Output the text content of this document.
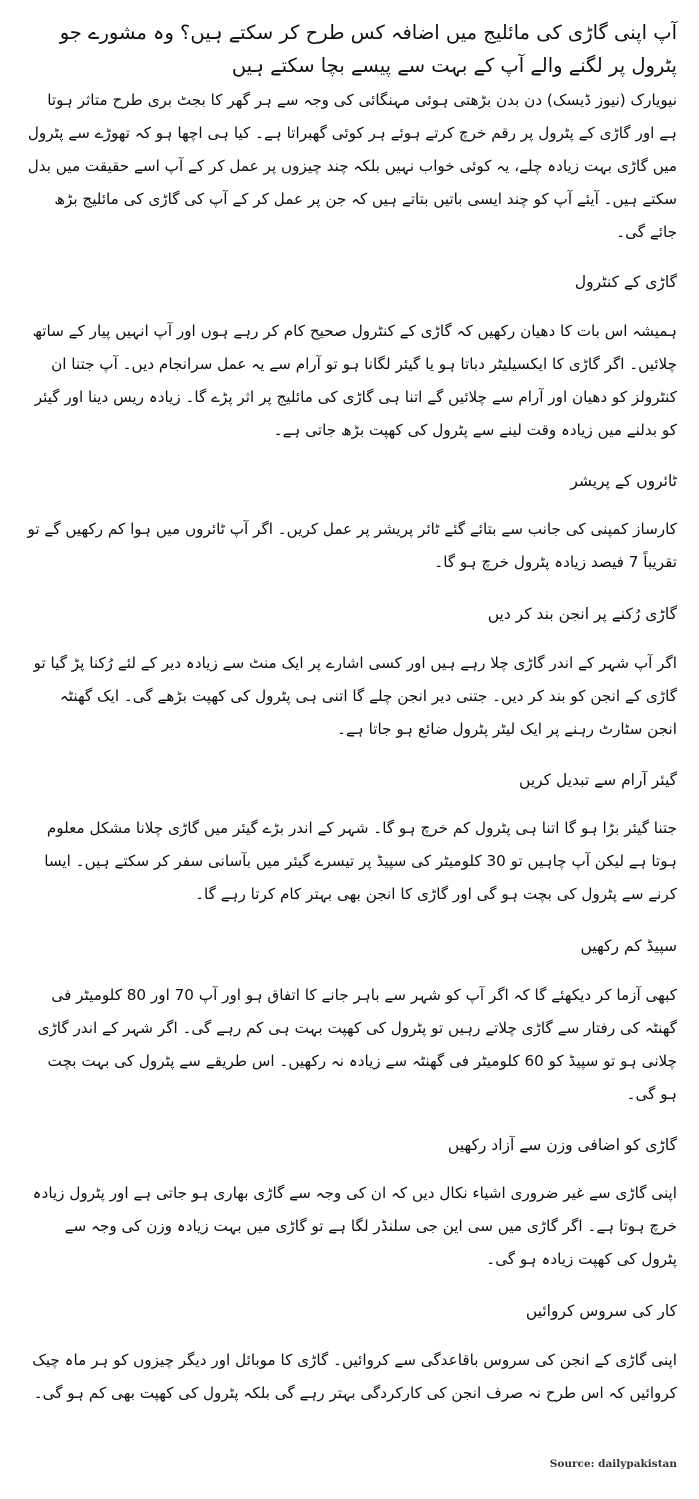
آپ اپنی گاڑی کی مائلیج میں اضافہ کس طرح کر سکتے ہیں؟ وہ مشورے جو پٹرول پر لگنے والے آپ کے بہت سے پیسے بچا سکتے ہیں

نیویارک (نیوز ڈیسک) دن بدن بڑھتی ہوئی مہنگائی کی وجہ سے ہر گھر کا بجٹ بری طرح متاثر ہوتا ہے اور گاڑی کے پٹرول پر رقم خرچ کرتے ہوئے ہر کوئی گھبراتا ہے۔ کیا ہی اچھا ہو کہ تھوڑے سے پٹرول میں گاڑی بہت زیادہ چلے، یہ کوئی خواب نہیں بلکہ چند چیزوں پر عمل کر کے آپ اسے حقیقت میں بدل سکتے ہیں۔ آیئے آپ کو چند ایسی باتیں بتاتے ہیں کہ جن پر عمل کر کے آپ کی گاڑی کی مائلیج بڑھ جائے گی۔

گاڑی کے کنٹرول

ہمیشہ اس بات کا دھیان رکھیں کہ گاڑی کے کنٹرول صحیح کام کر رہے ہوں اور آپ انہیں پیار کے ساتھ چلائیں۔ اگر گاڑی کا ایکسیلیٹر دباتا ہو یا گیئر لگانا ہو تو آرام سے یہ عمل سرانجام دیں۔ آپ جتنا ان کنٹرولز کو دھیان اور آرام سے چلائیں گے اتنا ہی گاڑی کی مائلیج پر اثر پڑے گا۔ زیادہ ریس دینا اور گیئر کو بدلنے میں زیادہ وقت لینے سے پٹرول کی کھپت بڑھ جاتی ہے۔

ٹائروں کے پریشر

کارساز کمپنی کی جانب سے بتائے گئے ٹائر پریشر پر عمل کریں۔ اگر آپ ٹائروں میں ہوا کم رکھیں گے تو تقریباً 7 فیصد زیادہ پٹرول خرچ ہو گا۔

گاڑی رُکنے پر انجن بند کر دیں

اگر آپ شہر کے اندر گاڑی چلا رہے ہیں اور کسی اشارے پر ایک منٹ سے زیادہ دیر کے لئے رُکنا پڑ گیا تو گاڑی کے انجن کو بند کر دیں۔ جتنی دیر انجن چلے گا اتنی ہی پٹرول کی کھپت بڑھے گی۔ ایک گھنٹہ انجن سٹارٹ رہنے پر ایک لیٹر پٹرول ضائع ہو جاتا ہے۔

گیئر آرام سے تبدیل کریں

جتنا گیئر بڑا ہو گا اتنا ہی پٹرول کم خرچ ہو گا۔ شہر کے اندر بڑے گیئر میں گاڑی چلانا مشکل معلوم ہوتا ہے لیکن آپ چاہیں تو 30 کلومیٹر کی سپیڈ پر تیسرے گیئر میں بآسانی سفر کر سکتے ہیں۔ ایسا کرنے سے پٹرول کی بچت ہو گی اور گاڑی کا انجن بھی بہتر کام کرتا رہے گا۔

سپیڈ کم رکھیں

کبھی آزما کر دیکھئے گا کہ اگر آپ کو شہر سے باہر جانے کا اتفاق ہو اور آپ 70 اور 80 کلومیٹر فی گھنٹہ کی رفتار سے گاڑی چلاتے رہیں تو پٹرول کی کھپت بہت ہی کم رہے گی۔ اگر شہر کے اندر گاڑی چلانی ہو تو سپیڈ کو 60 کلومیٹر فی گھنٹہ سے زیادہ نہ رکھیں۔ اس طریقے سے پٹرول کی بہت بچت ہو گی۔

گاڑی کو اضافی وزن سے آزاد رکھیں

اپنی گاڑی سے غیر ضروری اشیاء نکال دیں کہ ان کی وجہ سے گاڑی بھاری ہو جاتی ہے اور پٹرول زیادہ خرچ ہوتا ہے۔ اگر گاڑی میں سی این جی سلنڈر لگا ہے تو گاڑی میں بہت زیادہ وزن کی وجہ سے پٹرول کی کھپت زیادہ ہو گی۔

کار کی سروس کروائیں

اپنی گاڑی کے انجن کی سروس باقاعدگی سے کروائیں۔ گاڑی کا موبائل اور دیگر چیزوں کو ہر ماہ چیک کروائیں کہ اس طرح نہ صرف انجن کی کارکردگی بہتر رہے گی بلکہ پٹرول کی کھپت بھی کم ہو گی۔

Source: dailypakistan
